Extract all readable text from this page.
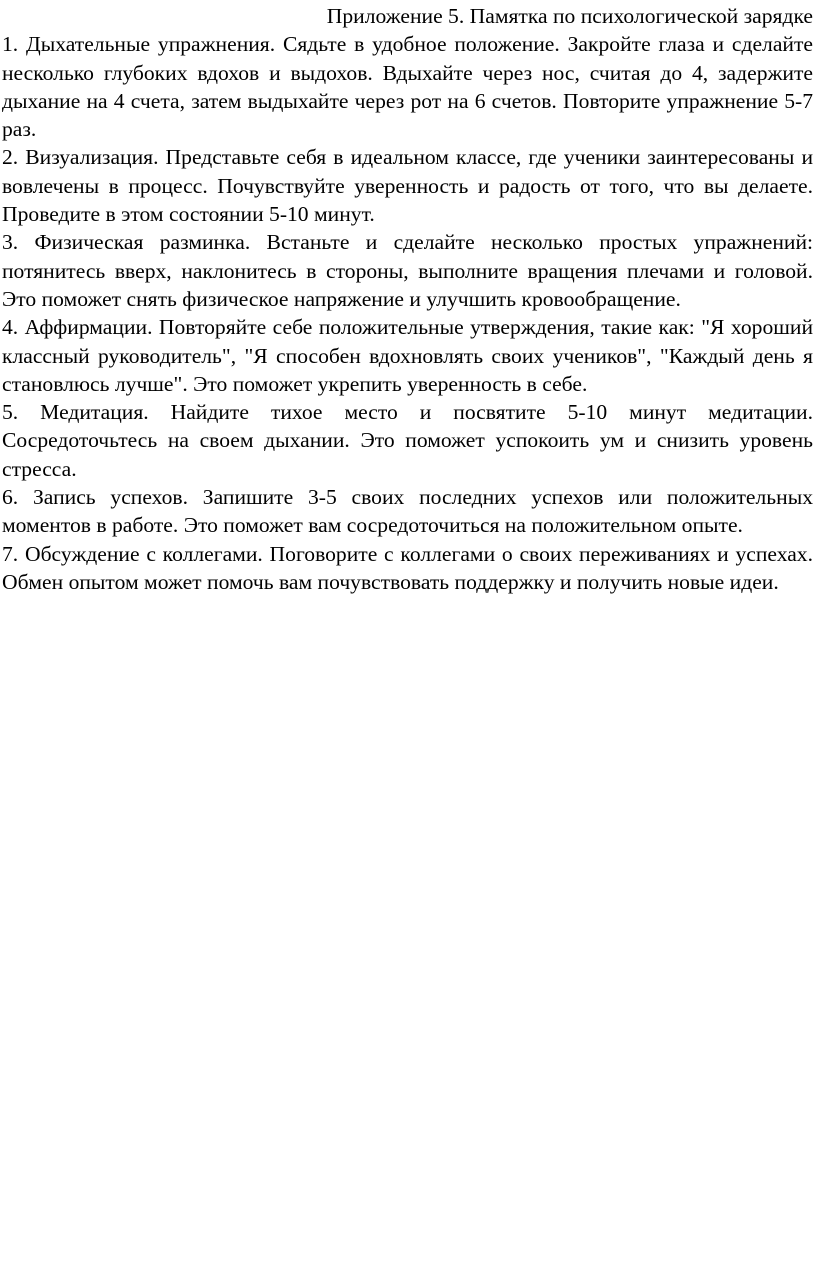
Приложение 5. Памятка по психологической зарядке

1. Дыхательные упражнения. Сядьте в удобное положение. Закройте глаза и сделайте несколько глубоких вдохов и выдохов. Вдыхайте через нос, считая до 4, задержите дыхание на 4 счета, затем выдыхайте через рот на 6 счетов. Повторите упражнение 5-7 раз.

2. Визуализация. Представьте себя в идеальном классе, где ученики заинтересованы и вовлечены в процесс. Почувствуйте уверенность и радость от того, что вы делаете. Проведите в этом состоянии 5-10 минут.

3. Физическая разминка. Встаньте и сделайте несколько простых упражнений: потянитесь вверх, наклонитесь в стороны, выполните вращения плечами и головой. Это поможет снять физическое напряжение и улучшить кровообращение.

4. Аффирмации. Повторяйте себе положительные утверждения, такие как: "Я хороший классный руководитель", "Я способен вдохновлять своих учеников", "Каждый день я становлюсь лучше". Это поможет укрепить уверенность в себе.

5. Медитация. Найдите тихое место и посвятите 5-10 минут медитации. Сосредоточьтесь на своем дыхании. Это поможет успокоить ум и снизить уровень стресса.

6. Запись успехов. Запишите 3-5 своих последних успехов или положительных моментов в работе. Это поможет вам сосредоточиться на положительном опыте.

7. Обсуждение с коллегами. Поговорите с коллегами о своих переживаниях и успехах. Обмен опытом может помочь вам почувствовать поддержку и получить новые идеи.
